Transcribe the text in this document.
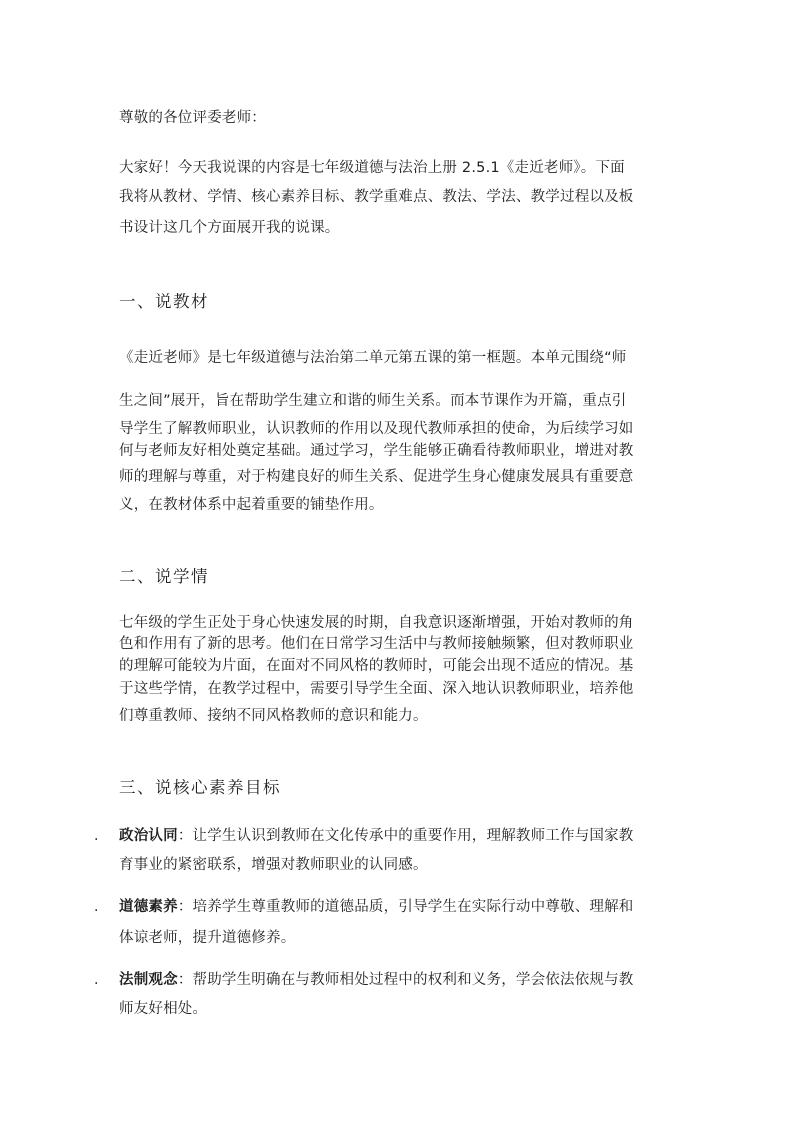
尊敬的各位评委老师：
大家好！今天我说课的内容是七年级道德与法治上册 2.5.1《走近老师》。下面
我将从教材、学情、核心素养目标、教学重难点、教法、学法、教学过程以及板
书设计这几个方面展开我的说课。
一、说教材
《走近老师》是七年级道德与法治第二单元第五课的第一框题。本单元围绕“师
生之间”展开，旨在帮助学生建立和谐的师生关系。而本节课作为开篇，重点引
导学生了解教师职业，认识教师的作用以及现代教师承担的使命，为后续学习如
何与老师友好相处奠定基础。通过学习，学生能够正确看待教师职业，增进对教
师的理解与尊重，对于构建良好的师生关系、促进学生身心健康发展具有重要意
义，在教材体系中起着重要的铺垫作用。
二、说学情
七年级的学生正处于身心快速发展的时期，自我意识逐渐增强，开始对教师的角
色和作用有了新的思考。他们在日常学习生活中与教师接触频繁，但对教师职业
的理解可能较为片面，在面对不同风格的教师时，可能会出现不适应的情况。基
于这些学情，在教学过程中，需要引导学生全面、深入地认识教师职业，培养他
们尊重教师、接纳不同风格教师的意识和能力。
三、说核心素养目标
. 政治认同：让学生认识到教师在文化传承中的重要作用，理解教师工作与国家教
育事业的紧密联系，增强对教师职业的认同感。
. 道德素养：培养学生尊重教师的道德品质，引导学生在实际行动中尊敬、理解和
体谅老师，提升道德修养。
. 法制观念：帮助学生明确在与教师相处过程中的权利和义务，学会依法依规与教
师友好相处。
